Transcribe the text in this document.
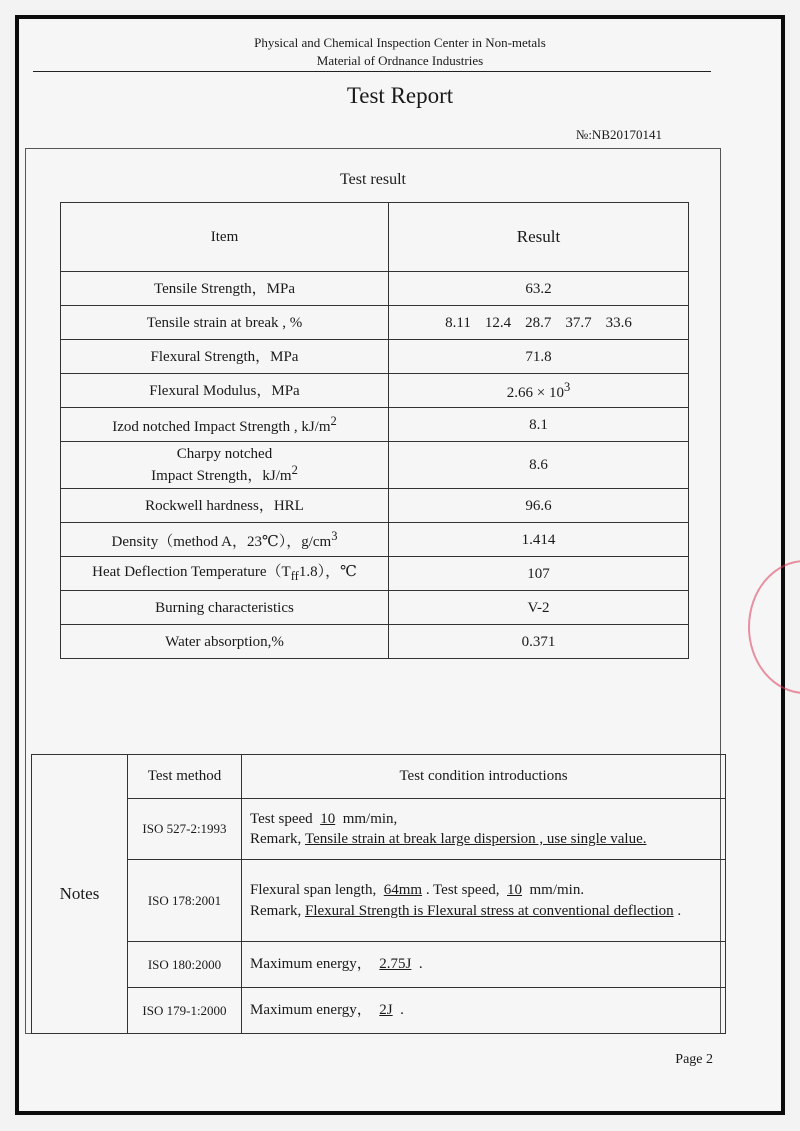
Physical and Chemical Inspection Center in Non-metals
Material of Ordnance Industries
Test Report
№:NB20170141
Test result
Item	Result
Tensile Strength，MPa	63.2
Tensile strain at break , %	8.11 12.4 28.7 37.7 33.6
Flexural Strength，MPa	71.8
Flexural Modulus，MPa	$2.66 \times 10^3$
Izod notched Impact Strength , $kJ/m^2$	8.1
Charpy notched
Impact Strength，$kJ/m^2$	8.6
Rockwell hardness，HRL	96.6
Density（method A，23℃），$g/cm^3$	1.414
Heat Deflection $Temperature(T_{ff}1.8)$，℃	107
Burning characteristics	V-2
Water absorption,%	0.371
Notes	Test method	Test condition introductions
	ISO 527-2:1993	Test speed 10 mm/min,
Remark, Tensile strain at break large dispersion , use single value.
	ISO 178:2001	Flexural span length, 64mm . Test speed, 10 mm/min.
Remark, Flexural Strength is Flexural stress at conventional deflection .
	ISO 180:2000	Maximum energy， 2.75J .
	ISO 179-1:2000	Maximum energy， 2J .
Page 2
